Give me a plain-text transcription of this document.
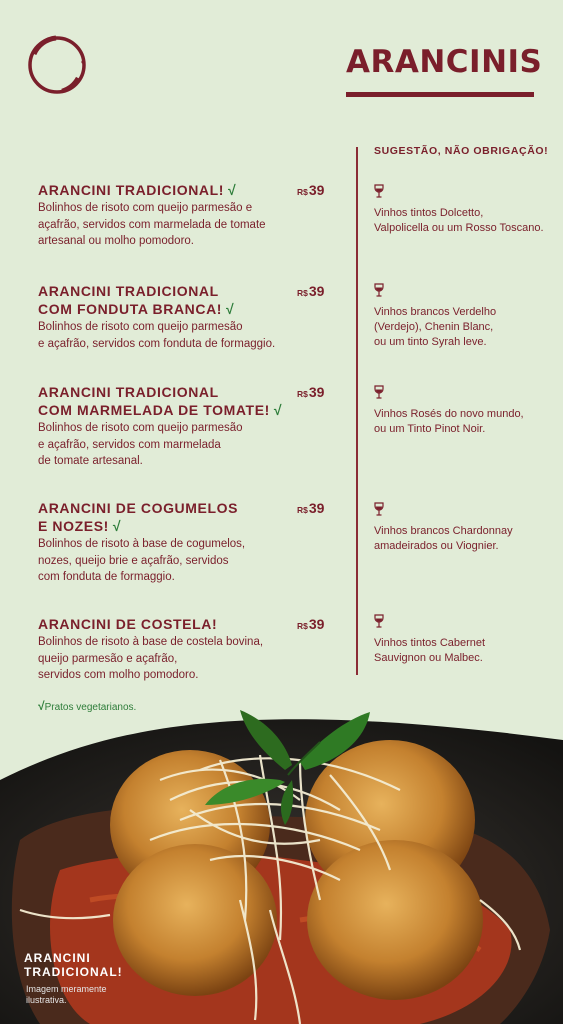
ARANCINIS
SUGESTÃO, NÃO OBRIGAÇÃO!
ARANCINI TRADICIONAL! √
Bolinhos de risoto com queijo parmesão e
açafrão, servidos com marmelada de tomate
artesanal ou molho pomodoro.
R$39
Vinhos tintos Dolcetto,
Valpolicella ou um Rosso Toscano.
ARANCINI TRADICIONAL
COM FONDUTA BRANCA! √
Bolinhos de risoto com queijo parmesão
e açafrão, servidos com fonduta de formaggio.
R$39
Vinhos brancos Verdelho
(Verdejo), Chenin Blanc,
ou um tinto Syrah leve.
ARANCINI TRADICIONAL
COM MARMELADA DE TOMATE! √
Bolinhos de risoto com queijo parmesão
e açafrão, servidos com marmelada
de tomate artesanal.
R$39
Vinhos Rosés do novo mundo,
ou um Tinto Pinot Noir.
ARANCINI DE COGUMELOS
E NOZES! √
Bolinhos de risoto à base de cogumelos,
nozes, queijo brie e açafrão, servidos
com fonduta de formaggio.
R$39
Vinhos brancos Chardonnay
amadeirados ou Viognier.
ARANCINI DE COSTELA!
Bolinhos de risoto à base de costela bovina,
queijo parmesão e açafrão,
servidos com molho pomodoro.
R$39
Vinhos tintos Cabernet
Sauvignon ou Malbec.
√Pratos vegetarianos.
ARANCINI
TRADICIONAL!
Imagem meramente
ilustrativa.
